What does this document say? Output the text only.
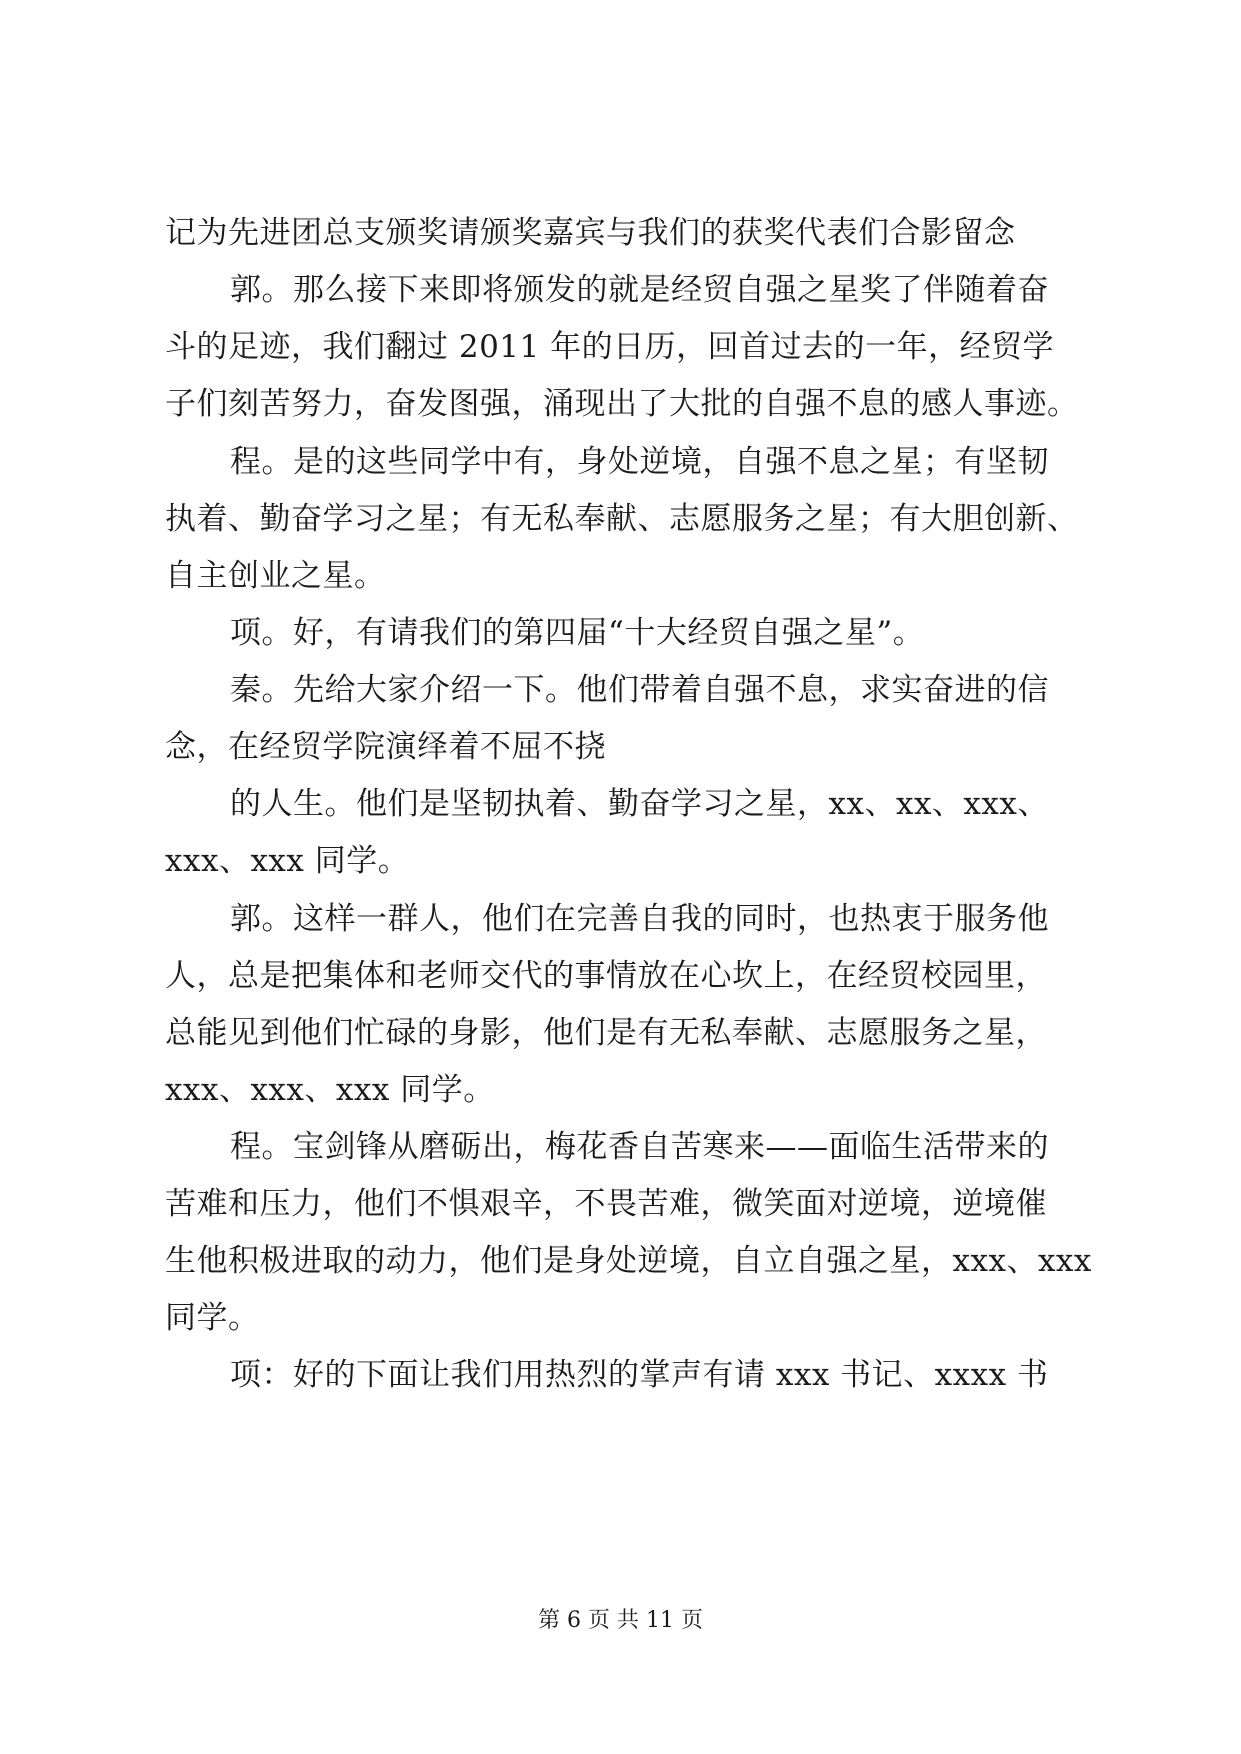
记为先进团总支颁奖请颁奖嘉宾与我们的获奖代表们合影留念
郭。那么接下来即将颁发的就是经贸自强之星奖了伴随着奋
斗的足迹，我们翻过 2011 年的日历，回首过去的一年，经贸学
子们刻苦努力，奋发图强，涌现出了大批的自强不息的感人事迹。
程。是的这些同学中有，身处逆境，自强不息之星；有坚韧
执着、勤奋学习之星；有无私奉献、志愿服务之星；有大胆创新、
自主创业之星。
项。好，有请我们的第四届“十大经贸自强之星”。
秦。先给大家介绍一下。他们带着自强不息，求实奋进的信
念，在经贸学院演绎着不屈不挠
的人生。他们是坚韧执着、勤奋学习之星，xx、xx、xxx、
xxx、xxx 同学。
郭。这样一群人，他们在完善自我的同时，也热衷于服务他
人，总是把集体和老师交代的事情放在心坎上，在经贸校园里，
总能见到他们忙碌的身影，他们是有无私奉献、志愿服务之星，
xxx、xxx、xxx 同学。
程。宝剑锋从磨砺出，梅花香自苦寒来——面临生活带来的
苦难和压力，他们不惧艰辛，不畏苦难，微笑面对逆境，逆境催
生他积极进取的动力，他们是身处逆境，自立自强之星，xxx、xxx
同学。
项：好的下面让我们用热烈的掌声有请 xxx 书记、xxxx 书
第 6 页 共 11 页
